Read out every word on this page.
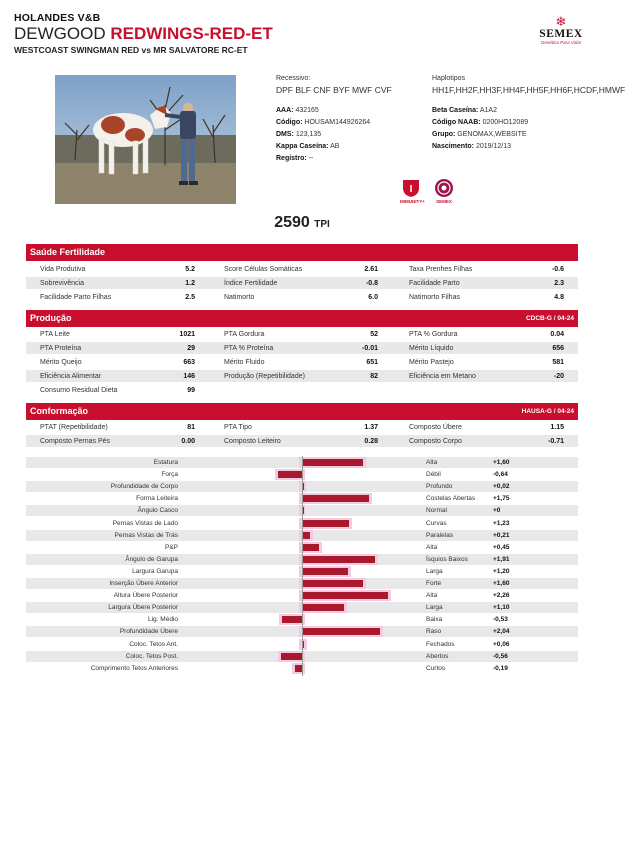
HOLANDES V&B
DEWGOOD REDWINGS-RED-ET
WESTCOAST SWINGMAN RED vs MR SALVATORE RC-ET
❄
SEMEX
Genética Para Vida!
Recessivo:
DPF BLF CNF BYF MWF CVF
Haplotipos
HH1F,HH2F,HH3F,HH4F,HH5F,HH6F,HCDF,HMWF
AAA: 432165
Código: HOUSAM144926264
DMS: 123,135
Kappa Caseína: AB
Registro: --
Beta Caseína: A1A2
Código NAAB: 0200HO12089
Grupo: GENOMAX,WEBSITE
Nascimento: 2019/12/13
I
IMMUNITY+	SEMEX
2590 TPI
Saúde Fertilidade
Vida Produtiva	5.2	Score Células Somáticas	2.61	Taxa Prenhes Filhas	-0.6
Sobrevivência	1.2	Índice Fertilidade	-0.8	Facilidade Parto	2.3
Facilidade Parto Filhas	2.5	Natimorto	6.0	Natimorto Filhas	4.8
Produção	CDCB-G / 04-24
PTA Leite	1021	PTA Gordura	52	PTA % Gordura	0.04
PTA Proteína	29	PTA % Proteína	-0.01	Mérito Líquido	656
Mérito Queijo	663	Mérito Fluido	651	Mérito Pastejo	581
Eficiência Alimentar	146	Produção (Repetibilidade)	82	Eficiência em Metano	-20
Consumo Residual Dieta	99
Conformação	HAUSA-G / 04-24
PTAT (Repetibilidade)	81	PTA Tipo	1.37	Composto Úbere	1.15
Composto Pernas Pés	0.00	Composto Leiteiro	0.28	Composto Corpo	-0.71
Estatura	Alta	+1,60
Força	Débil	-0,64
Profundidade de Corpo	Profundo	+0,02
Forma Leiteira	Costelas Abertas	+1,75
Ângulo Casco	Normal	+0
Pernas Vistas de Lado	Curvas	+1,23
Pernas Vistas de Trás	Paralelas	+0,21
P&P	Alta	+0,45
Ângulo de Garupa	Ísquios Baixos	+1,91
Largura Garupa	Larga	+1,20
Inserção Úbere Anterior	Forte	+1,60
Altura Úbere Posterior	Alta	+2,26
Largura Úbere Posterior	Larga	+1,10
Lig. Médio	Baixa	-0,53
Profundidade Úbere	Raso	+2,04
Coloc. Tetos Ant.	Fechados	+0,06
Coloc. Tetos Post.	Abertos	-0,56
Comprimento Tetos Anteriores	Curtos	-0,19
